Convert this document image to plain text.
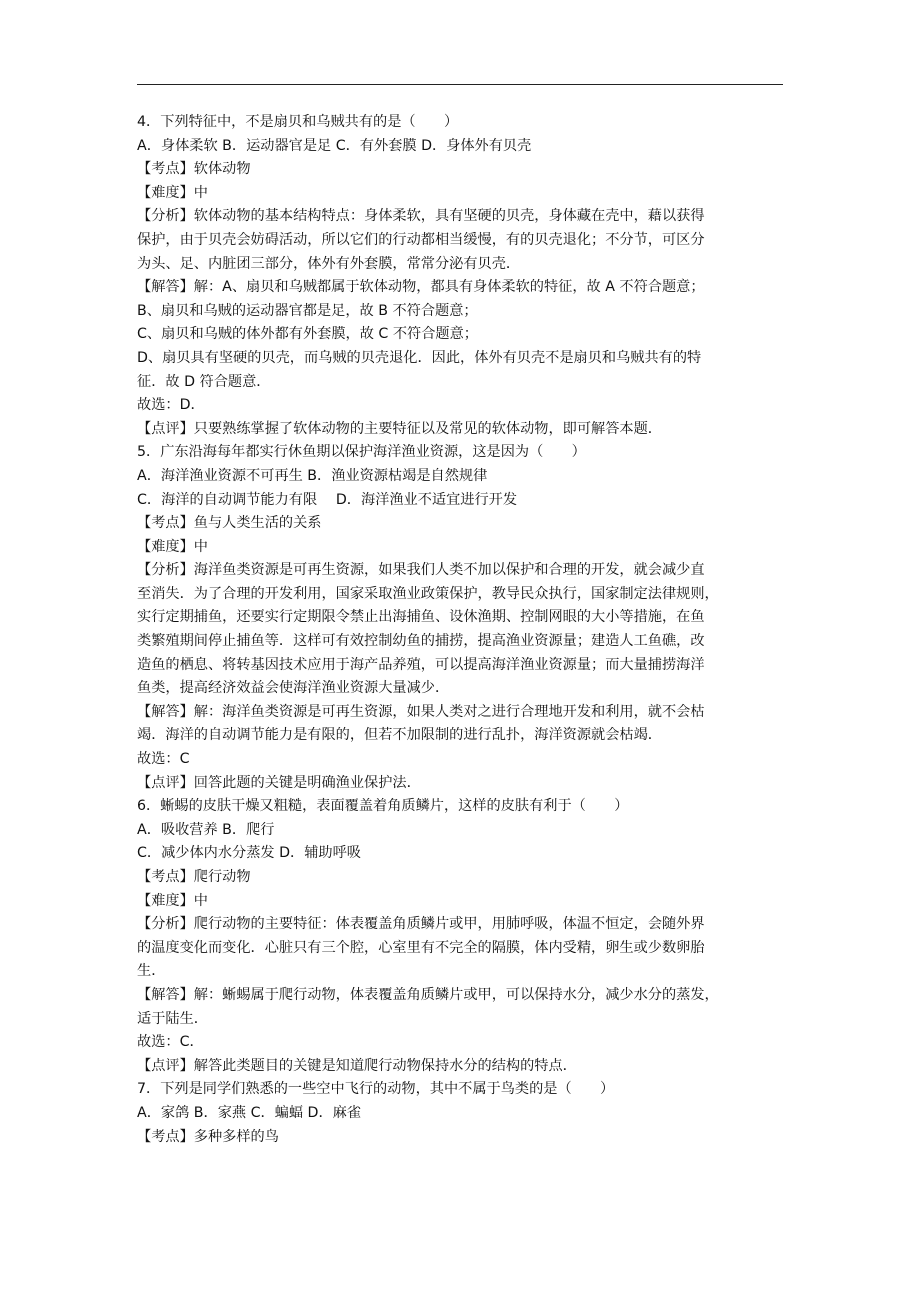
4．下列特征中，不是扇贝和乌贼共有的是（　　）
A．身体柔软 B．运动器官是足 C．有外套膜 D．身体外有贝壳
【考点】软体动物
【难度】中
【分析】软体动物的基本结构特点：身体柔软，具有坚硬的贝壳，身体藏在壳中，藉以获得
保护，由于贝壳会妨碍活动，所以它们的行动都相当缓慢，有的贝壳退化；不分节，可区分
为头、足、内脏团三部分，体外有外套膜，常常分泌有贝壳．
【解答】解：A、扇贝和乌贼都属于软体动物，都具有身体柔软的特征，故 A 不符合题意；
B、扇贝和乌贼的运动器官都是足，故 B 不符合题意；
C、扇贝和乌贼的体外都有外套膜，故 C 不符合题意；
D、扇贝具有坚硬的贝壳，而乌贼的贝壳退化．因此，体外有贝壳不是扇贝和乌贼共有的特
征．故 D 符合题意．
故选：D．
【点评】只要熟练掌握了软体动物的主要特征以及常见的软体动物，即可解答本题．
5．广东沿海每年都实行休鱼期以保护海洋渔业资源，这是因为（　　）
A．海洋渔业资源不可再生 B．渔业资源枯竭是自然规律
C．海洋的自动调节能力有限　 D．海洋渔业不适宜进行开发
【考点】鱼与人类生活的关系
【难度】中
【分析】海洋鱼类资源是可再生资源，如果我们人类不加以保护和合理的开发，就会减少直
至消失．为了合理的开发利用，国家采取渔业政策保护，教导民众执行，国家制定法律规则，
实行定期捕鱼，还要实行定期限令禁止出海捕鱼、设休渔期、控制网眼的大小等措施，在鱼
类繁殖期间停止捕鱼等．这样可有效控制幼鱼的捕捞，提高渔业资源量；建造人工鱼礁，改
造鱼的栖息、将转基因技术应用于海产品养殖，可以提高海洋渔业资源量；而大量捕捞海洋
鱼类，提高经济效益会使海洋渔业资源大量减少．
【解答】解：海洋鱼类资源是可再生资源，如果人类对之进行合理地开发和利用，就不会枯
竭．海洋的自动调节能力是有限的，但若不加限制的进行乱扑，海洋资源就会枯竭．
故选：C
【点评】回答此题的关键是明确渔业保护法．
6．蜥蜴的皮肤干燥又粗糙，表面覆盖着角质鳞片，这样的皮肤有利于（　　）
A．吸收营养 B．爬行
C．减少体内水分蒸发 D．辅助呼吸
【考点】爬行动物
【难度】中
【分析】爬行动物的主要特征：体表覆盖角质鳞片或甲，用肺呼吸，体温不恒定，会随外界
的温度变化而变化．心脏只有三个腔，心室里有不完全的隔膜，体内受精，卵生或少数卵胎
生．
【解答】解：蜥蜴属于爬行动物，体表覆盖角质鳞片或甲，可以保持水分，减少水分的蒸发，
适于陆生．
故选：C．
【点评】解答此类题目的关键是知道爬行动物保持水分的结构的特点．
7．下列是同学们熟悉的一些空中飞行的动物，其中不属于鸟类的是（　　）
A．家鸽 B．家燕 C．蝙蝠 D．麻雀
【考点】多种多样的鸟
